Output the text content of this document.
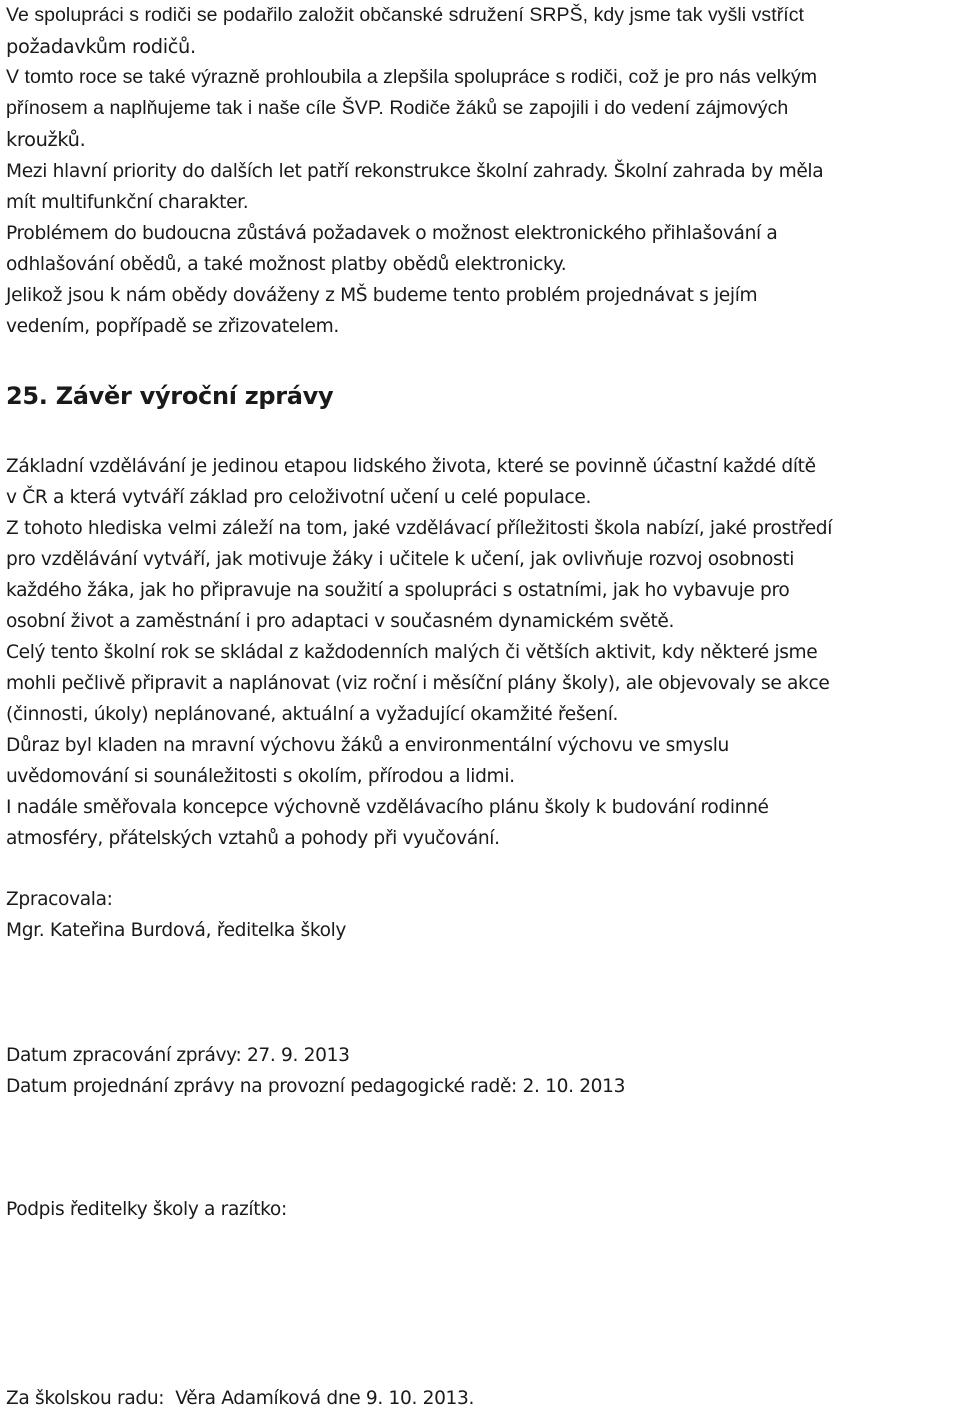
Ve spolupráci s rodiči se podařilo založit občanské sdružení SRPŠ, kdy jsme tak vyšli vstříct

požadavkům rodičů.

V tomto roce se také výrazně prohloubila a zlepšila spolupráce s rodiči, což je pro nás velkým

přínosem a naplňujeme tak i naše cíle ŠVP. Rodiče žáků se zapojili i do vedení zájmových

kroužků.

Mezi hlavní priority do dalších let patří rekonstrukce školní zahrady. Školní zahrada by měla

mít multifunkční charakter.

Problémem do budoucna zůstává požadavek o možnost elektronického přihlašování a

odhlašování obědů, a také možnost platby obědů elektronicky.

Jelikož jsou k nám obědy dováženy z MŠ budeme tento problém projednávat s jejím

vedením, popřípadě se zřizovatelem.

25. Závěr výroční zprávy

Základní vzdělávání je jedinou etapou lidského života, které se povinně účastní každé dítě

v ČR a která vytváří základ pro celoživotní učení u celé populace.

Z tohoto hlediska velmi záleží na tom, jaké vzdělávací příležitosti škola nabízí, jaké prostředí

pro vzdělávání vytváří, jak motivuje žáky i učitele k učení, jak ovlivňuje rozvoj osobnosti

každého žáka, jak ho připravuje na soužití a spolupráci s ostatními, jak ho vybavuje pro

osobní život a zaměstnání i pro adaptaci v současném dynamickém světě.

Celý tento školní rok se skládal z každodenních malých či větších aktivit, kdy některé jsme

mohli pečlivě připravit a naplánovat (viz roční i měsíční plány školy), ale objevovaly se akce

(činnosti, úkoly) neplánované, aktuální a vyžadující okamžité řešení.

Důraz byl kladen na mravní výchovu žáků a environmentální výchovu ve smyslu

uvědomování si sounáležitosti s okolím, přírodou a lidmi.

I nadále směřovala koncepce výchovně vzdělávacího plánu školy k budování rodinné

atmosféry, přátelských vztahů a pohody při vyučování.

Zpracovala:

Mgr. Kateřina Burdová, ředitelka školy

Datum zpracování zprávy: 27. 9. 2013

Datum projednání zprávy na provozní pedagogické radě: 2. 10. 2013

Podpis ředitelky školy a razítko:

Za školskou radu:  Věra Adamíková dne 9. 10. 2013.
